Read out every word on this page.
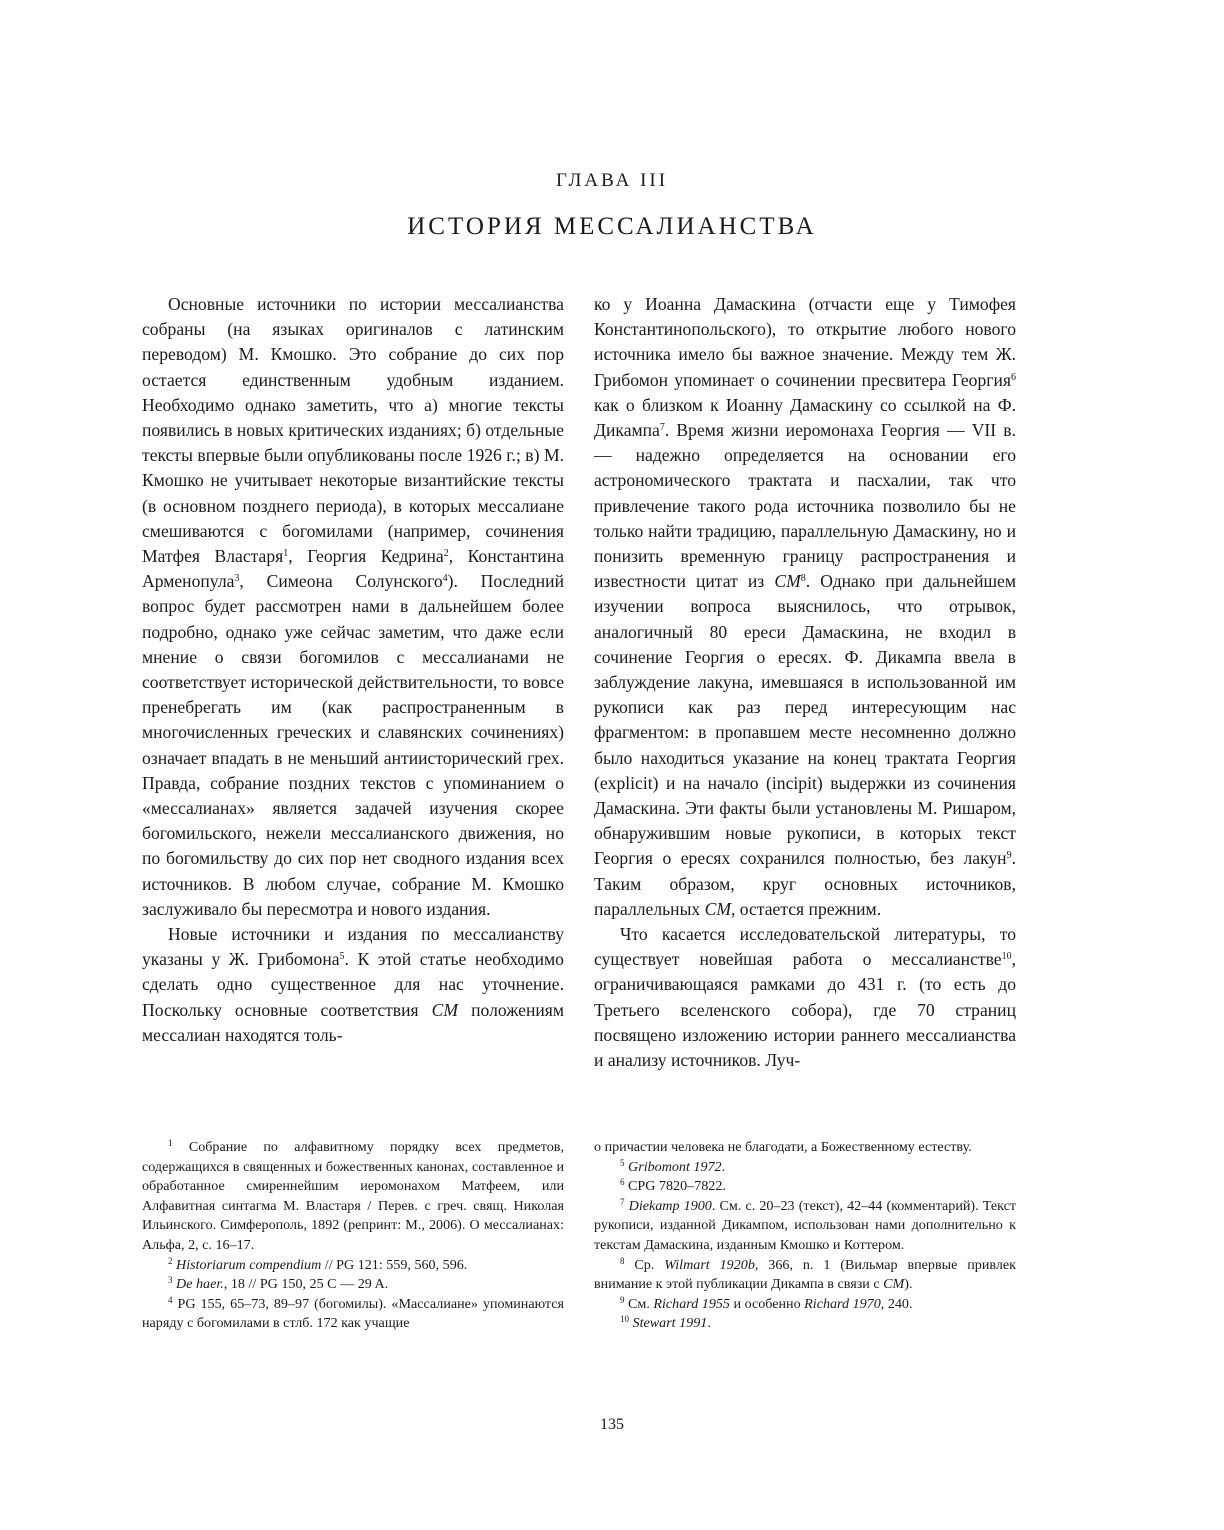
ГЛАВА III
ИСТОРИЯ МЕССАЛИАНСТВА

Основные источники по истории мессалианства собраны (на языках оригиналов с латинским переводом) М. Кмошко. Это собрание до сих пор остается единственным удобным изданием. Необходимо однако заметить, что а) многие тексты появились в новых критических изданиях; б) отдельные тексты впервые были опубликованы после 1926 г.; в) М. Кмошко не учитывает некоторые византийские тексты (в основном позднего периода), в которых мессалиане смешиваются с богомилами (например, сочинения Матфея Властаря$^1$, Георгия Кедрина$^2$, Константина Арменопула$^3$, Симеона Солунского$^4$). Последний вопрос будет рассмотрен нами в дальнейшем более подробно, однако уже сейчас заметим, что даже если мнение о связи богомилов с мессалианами не соответствует исторической действительности, то вовсе пренебрегать им (как распространенным в многочисленных греческих и славянских сочинениях) означает впадать в не меньший антиисторический грех. Правда, собрание поздних текстов с упоминанием о «мессалианах» является задачей изучения скорее богомильского, нежели мессалианского движения, но по богомильству до сих пор нет сводного издания всех источников. В любом случае, собрание М. Кмошко заслуживало бы пересмотра и нового издания.

Новые источники и издания по мессалианству указаны у Ж. Грибомона$^5$. К этой статье необходимо сделать одно существенное для нас уточнение. Поскольку основные соответствия СМ положениям мессалиан находятся толь-

ко у Иоанна Дамаскина (отчасти еще у Тимофея Константинопольского), то открытие любого нового источника имело бы важное значение. Между тем Ж. Грибомон упоминает о сочинении пресвитера Георгия$^6$ как о близком к Иоанну Дамаскину со ссылкой на Ф. Дикампа$^7$. Время жизни иеромонаха Георгия — VII в. — надежно определяется на основании его астрономического трактата и пасхалии, так что привлечение такого рода источника позволило бы не только найти традицию, параллельную Дамаскину, но и понизить временную границу распространения и известности цитат из $СМ^8$. Однако при дальнейшем изучении вопроса выяснилось, что отрывок, аналогичный 80 ереси Дамаскина, не входил в сочинение Георгия о ересях. Ф. Дикампа ввела в заблуждение лакуна, имевшаяся в использованной им рукописи как раз перед интересующим нас фрагментом: в пропавшем месте несомненно должно было находиться указание на конец трактата Георгия (explicit) и на начало (incipit) выдержки из сочинения Дамаскина. Эти факты были установлены М. Ришаром, обнаружившим новые рукописи, в которых текст Георгия о ересях сохранился полностью, без лакун$^9$. Таким образом, круг основных источников, параллельных СМ, остается прежним.

Что касается исследовательской литературы, то существует новейшая работа о мессалианстве$^{10}$, ограничивающаяся рамками до 431 г. (то есть до Третьего вселенского собора), где 70 страниц посвящено изложению истории раннего мессалианства и анализу источников. Луч-

$^1$ Собрание по алфавитному порядку всех предметов, содержащихся в священных и божественных канонах, составленное и обработанное смиреннейшим иеромонахом Матфеем, или Алфавитная синтагма М. Властаря / Перев. с греч. свящ. Николая Ильинского. Симферополь, 1892 (репринт: М., 2006). О мессалианах: Альфа, 2, с. 16–17.

$^2$ Historiarum compendium // PG 121: 559, 560, 596.

$^3$ De haer., 18 // PG 150, 25 C — 29 A.

$^4$ PG 155, 65–73, 89–97 (богомилы). «Массалиане» упоминаются наряду с богомилами в стлб. 172 как учащие

о причастии человека не благодати, а Божественному естеству.

$^5$ Gribomont 1972.

$^6$ CPG 7820–7822.

$^7$ Diekamp 1900. См. с. 20–23 (текст), 42–44 (комментарий). Текст рукописи, изданной Дикампом, использован нами дополнительно к текстам Дамаскина, изданным Кмошко и Коттером.

$^8$ Ср. Wilmart 1920b, 366, n. 1 (Вильмар впервые привлек внимание к этой публикации Дикампа в связи с СМ).

$^9$ См. Richard 1955 и особенно Richard 1970, 240.

$^{10}$ Stewart 1991.

135
